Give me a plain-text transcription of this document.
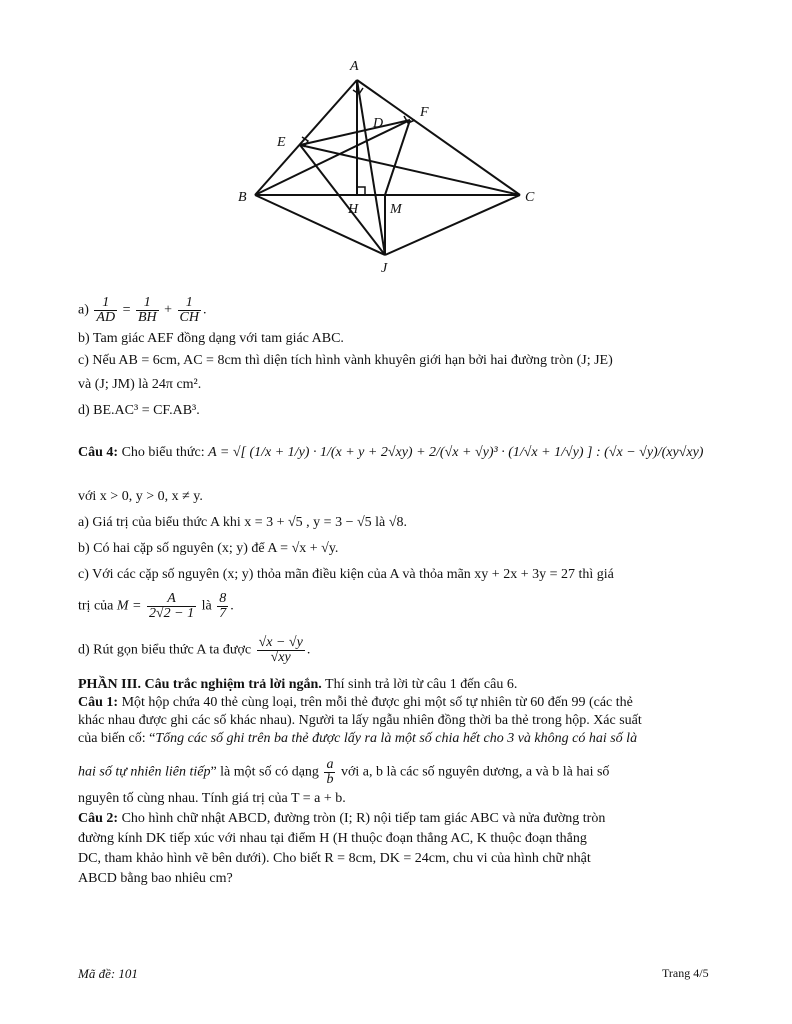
A
D
F
E
B
H M
C
J
$a) \frac{1}{AD} = \frac{1}{BH} + \frac{1}{CH}$ .
b) Tam giác AEF đồng dạng với tam giác ABC.
c) Nếu AB = 6cm, AC = 8cm thì diện tích hình vành khuyên giới hạn bởi hai đường tròn (J; JE)
và (J; JM) là 24π cm².
d) BE.AC³ = CF.AB³.
Câu 4: Cho biểu thức: A = √[ (1/x + 1/y) · 1/(x + y + 2√xy) + 2/(√x + √y)³ · (1/√x + 1/√y) ] : (√x − √y)/(xy√xy)
với x > 0, y > 0, x ≠ y.
a) Giá trị của biểu thức A khi x = 3 + √5 , y = 3 − √5 là √8.
b) Có hai cặp số nguyên (x; y) để A = √x + √y.
c) Với các cặp số nguyên (x; y) thỏa mãn điều kiện của A và thỏa mãn xy + 2x + 3y = 27 thì giá
trị của $M = \frac{A}{2√2 - 1}$ là $\frac{8}{7}$ .
d) Rút gọn biểu thức A ta được $\frac{√x - √y}{√xy}$ .
PHẦN III. Câu trắc nghiệm trả lời ngắn. Thí sinh trả lời từ câu 1 đến câu 6.
Câu 1: Một hộp chứa 40 thẻ cùng loại, trên mỗi thẻ được ghi một số tự nhiên từ 60 đến 99 (các thẻ
khác nhau được ghi các số khác nhau). Người ta lấy ngẫu nhiên đồng thời ba thẻ trong hộp. Xác suất
của biến cố: “Tổng các số ghi trên ba thẻ được lấy ra là một số chia hết cho 3 và không có hai số là
hai số tự nhiên liên tiếp” là một số có dạng $\frac{a}{b}$ với a, b là các số nguyên dương, a và b là hai số
nguyên tố cùng nhau. Tính giá trị của T = a + b.
Câu 2: Cho hình chữ nhật ABCD, đường tròn (I; R) nội tiếp tam giác ABC và nửa đường tròn
đường kính DK tiếp xúc với nhau tại điểm H (H thuộc đoạn thẳng AC, K thuộc đoạn thẳng
DC, tham khảo hình vẽ bên dưới). Cho biết R = 8cm, DK = 24cm, chu vi của hình chữ nhật
ABCD bằng bao nhiêu cm?
Mã đề: 101	Trang 4/5
